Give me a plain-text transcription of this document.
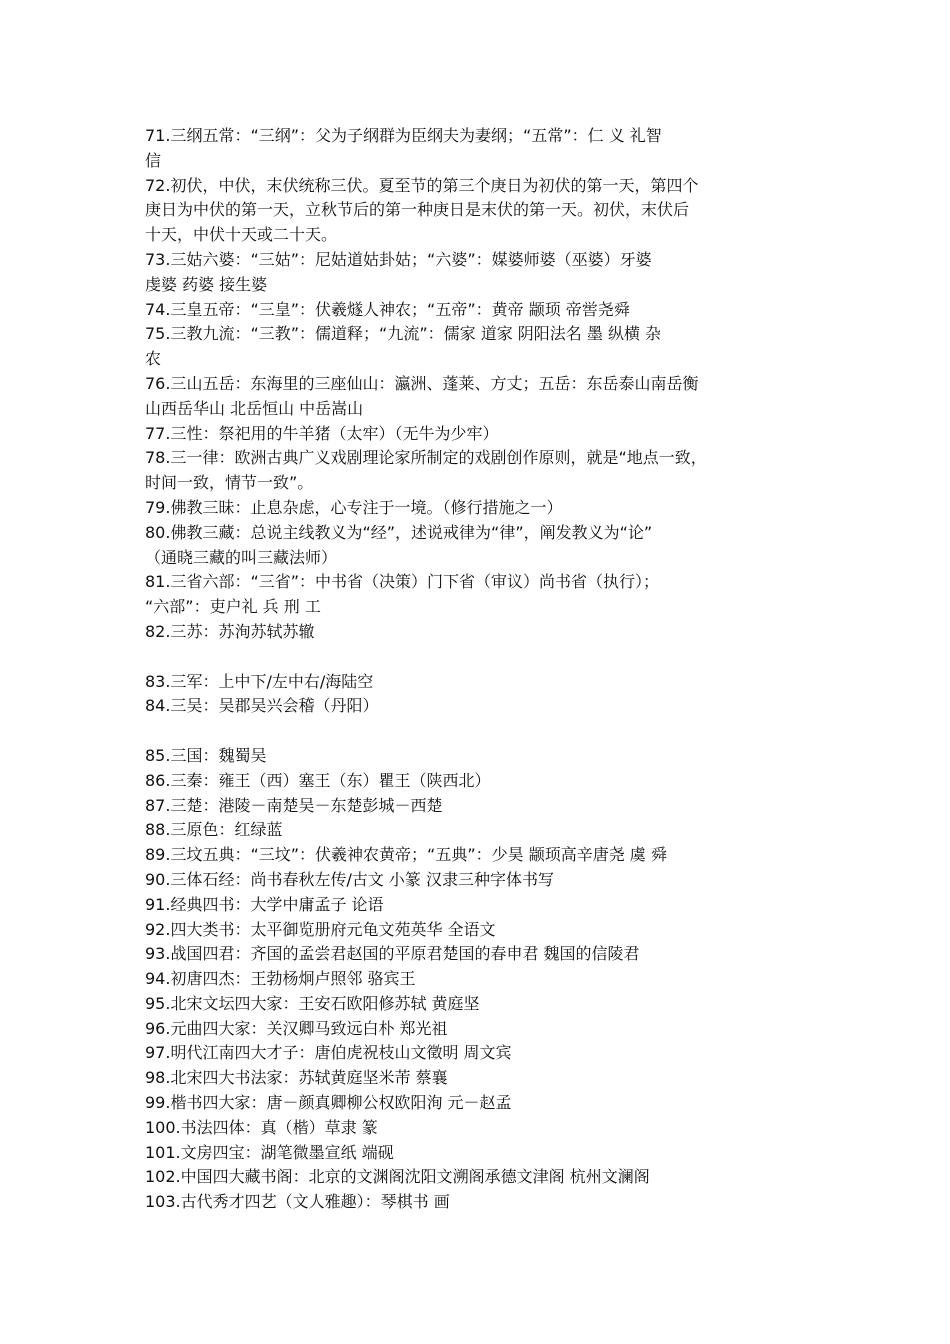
71.三纲五常：“三纲”：父为子纲群为臣纲夫为妻纲；“五常”：仁 义 礼智
信
72.初伏，中伏，末伏统称三伏。夏至节的第三个庚日为初伏的第一天，第四个
庚日为中伏的第一天，立秋节后的第一种庚日是末伏的第一天。初伏，末伏后
十天，中伏十天或二十天。
73.三姑六婆：“三姑”：尼姑道姑卦姑；“六婆”：媒婆师婆（巫婆）牙婆
虔婆 药婆 接生婆
74.三皇五帝：“三皇”：伏羲燧人神农；“五帝”：黄帝 颛顼 帝喾尧舜
75.三教九流：“三教”：儒道释；“九流”：儒家 道家 阴阳法名 墨 纵横 杂
农
76.三山五岳：东海里的三座仙山：瀛洲、蓬莱、方丈；五岳：东岳泰山南岳衡
山西岳华山 北岳恒山 中岳嵩山
77.三性：祭祀用的牛羊猪（太牢）（无牛为少牢）
78.三一律：欧洲古典广义戏剧理论家所制定的戏剧创作原则，就是“地点一致，
时间一致，情节一致”。
79.佛教三昧：止息杂虑，心专注于一境。（修行措施之一）
80.佛教三藏：总说主线教义为“经”，述说戒律为“律”，阐发教义为“论”
（通晓三藏的叫三藏法师）
81.三省六部：“三省”：中书省（决策）门下省（审议）尚书省（执行）；
“六部”：吏户礼 兵 刑 工
82.三苏：苏洵苏轼苏辙
83.三军：上中下/左中右/海陆空
84.三吴：吴郡吴兴会稽（丹阳）
85.三国：魏蜀吴
86.三秦：雍王（西）塞王（东）瞿王（陕西北）
87.三楚：港陵－南楚吴－东楚彭城－西楚
88.三原色：红绿蓝
89.三坟五典：“三坟”：伏羲神农黄帝；“五典”：少昊 颛顼高辛唐尧 虞 舜
90.三体石经：尚书春秋左传/古文 小篆 汉隶三种字体书写
91.经典四书：大学中庸孟子 论语
92.四大类书：太平御览册府元龟文苑英华 全语文
93.战国四君：齐国的孟尝君赵国的平原君楚国的春申君 魏国的信陵君
94.初唐四杰：王勃杨炯卢照邻 骆宾王
95.北宋文坛四大家：王安石欧阳修苏轼 黄庭坚
96.元曲四大家：关汉卿马致远白朴 郑光祖
97.明代江南四大才子：唐伯虎祝枝山文徵明 周文宾
98.北宋四大书法家：苏轼黄庭坚米芾 蔡襄
99.楷书四大家：唐－颜真卿柳公权欧阳洵 元－赵孟
100.书法四体：真（楷）草隶 篆
101.文房四宝：湖笔微墨宣纸 端砚
102.中国四大藏书阁：北京的文渊阁沈阳文溯阁承德文津阁 杭州文澜阁
103.古代秀才四艺（文人雅趣）：琴棋书 画
